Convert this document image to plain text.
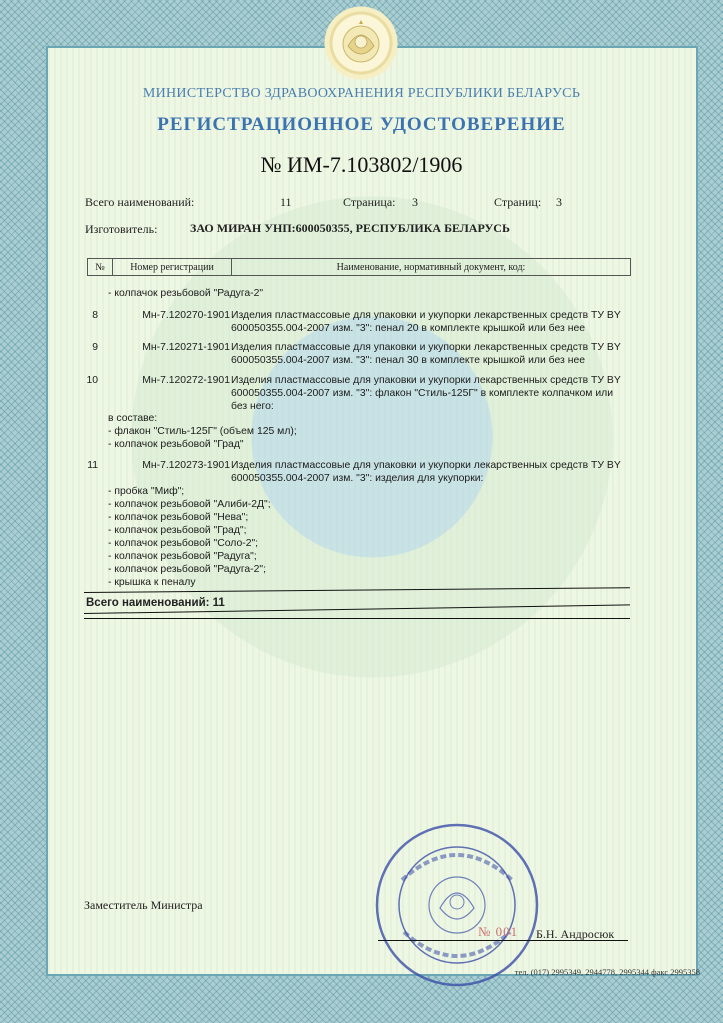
МИНИСТЕРСТВО ЗДРАВООХРАНЕНИЯ РЕСПУБЛИКИ БЕЛАРУСЬ
РЕГИСТРАЦИОННОЕ УДОСТОВЕРЕНИЕ
№ ИМ-7.103802/1906
Всего наименований:	11	Страница: 3	Страниц: 3
Изготовитель:	ЗАО МИРАН УНП:600050355, РЕСПУБЛИКА БЕЛАРУСЬ
№	Номер регистрации	Наименование, нормативный документ, код:
- колпачок резьбовой "Радуга-2"
8	Мн-7.120270-1901 Изделия пластмассовые для упаковки и укупорки лекарственных средств ТУ BY 600050355.004-2007 изм. "3": пенал 20 в комплекте крышкой или без нее
9	Мн-7.120271-1901 Изделия пластмассовые для упаковки и укупорки лекарственных средств ТУ BY 600050355.004-2007 изм. "3": пенал 30 в комплекте крышкой или без нее
10	Мн-7.120272-1901 Изделия пластмассовые для упаковки и укупорки лекарственных средств ТУ BY 600050355.004-2007 изм. "3": флакон "Стиль-125Г" в комплекте колпачком или без него:
в составе:
- флакон "Стиль-125Г" (объем 125 мл);
- колпачок резьбовой "Град"
11	Мн-7.120273-1901 Изделия пластмассовые для упаковки и укупорки лекарственных средств ТУ BY 600050355.004-2007 изм. "3": изделия для укупорки:
- пробка "Миф";
- колпачок резьбовой "Алиби-2Д";
- колпачок резьбовой "Нева";
- колпачок резьбовой "Град";
- колпачок резьбовой "Соло-2";
- колпачок резьбовой "Радуга";
- колпачок резьбовой "Радуга-2";
- крышка к пеналу
Всего наименований: 11
Заместитель Министра
№ 001 Б.Н. Андросюк
тел. (017) 2995349, 2944778, 2995344 факс 2995358
